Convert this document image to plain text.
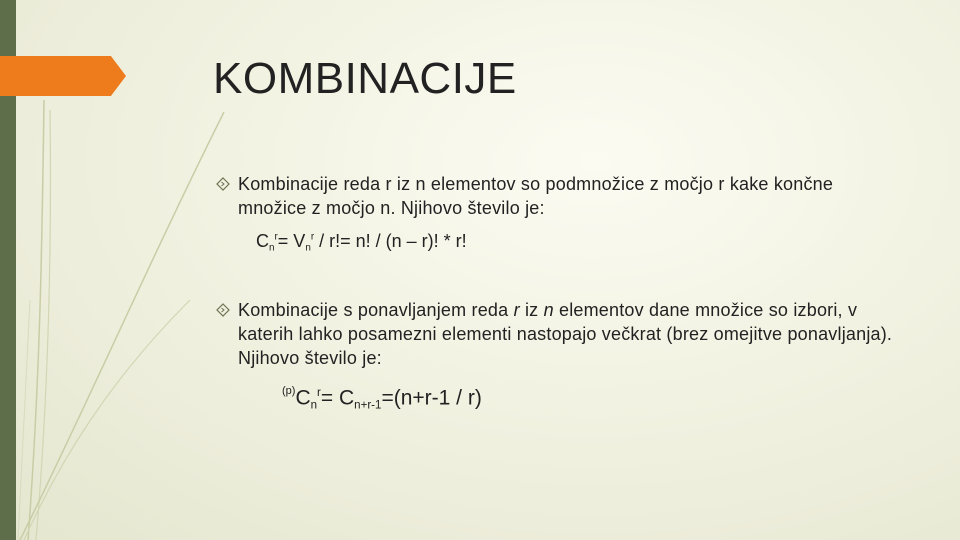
KOMBINACIJE
Kombinacije reda r iz n elementov so podmnožice z močjo r kake končne množice z močjo n. Njihovo število je:
$C_n^r= V_n^r / r!= n$! / (n – r)! * r!
Kombinacije s ponavljanjem reda r iz n elementov dane množice so izbori, v katerih lahko posamezni elementi nastopajo večkrat (brez omejitve ponavljanja). Njihovo število je:
$^{(p)}C_n^r= C_{n+r-1}=(n+r-1 / r)$
